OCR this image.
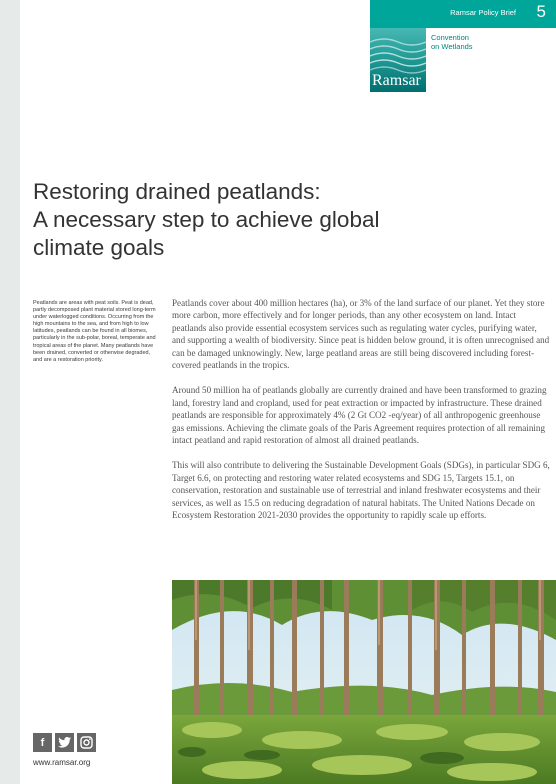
Ramsar Policy Brief 5
Ramsar
Convention
on Wetlands
Restoring drained peatlands:
A necessary step to achieve global
climate goals
Peatlands are areas with peat soils. Peat is dead, partly decomposed plant material stored long-term under waterlogged conditions. Occurring from the high mountains to the sea, and from high to low latitudes, peatlands can be found in all biomes, particularly in the sub-polar, boreal, temperate and tropical areas of the planet. Many peatlands have been drained, converted or otherwise degraded, and are a restoration priority.

Peatlands cover about 400 million hectares (ha), or 3% of the land surface of our planet. Yet they store more carbon, more effectively and for longer periods, than any other ecosystem on land. Intact peatlands also provide essential ecosystem services such as regulating water cycles, purifying water, and supporting a wealth of biodiversity. Since peat is hidden below ground, it is often unrecognised and can be damaged unknowingly. New, large peatland areas are still being discovered including forest-covered peatlands in the tropics.

Around 50 million ha of peatlands globally are currently drained and have been transformed to grazing land, forestry land and cropland, used for peat extraction or impacted by infrastructure. These drained peatlands are responsible for approximately 4% (2 Gt CO2 -eq/year) of all anthropogenic greenhouse gas emissions. Achieving the climate goals of the Paris Agreement requires protection of all remaining intact peatland and rapid restoration of almost all drained peatlands.

This will also contribute to delivering the Sustainable Development Goals (SDGs), in particular SDG 6, Target 6.6, on protecting and restoring water related ecosystems and SDG 15, Targets 15.1, on conservation, restoration and sustainable use of terrestrial and inland freshwater ecosystems and their services, as well as 15.5 on reducing degradation of natural habitats. The United Nations Decade on Ecosystem Restoration 2021-2030 provides the opportunity to rapidly scale up efforts.

f
www.ramsar.org
